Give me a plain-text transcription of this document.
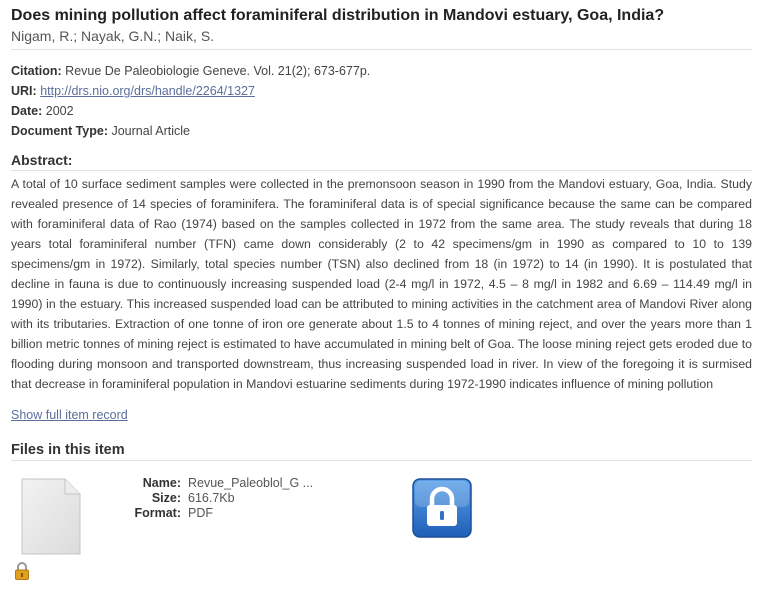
Does mining pollution affect foraminiferal distribution in Mandovi estuary, Goa, India?
Nigam, R.; Nayak, G.N.; Naik, S.
Citation: Revue De Paleobiologie Geneve. Vol. 21(2); 673-677p.
URI: http://drs.nio.org/drs/handle/2264/1327
Date: 2002
Document Type: Journal Article
Abstract:
A total of 10 surface sediment samples were collected in the premonsoon season in 1990 from the Mandovi estuary, Goa, India. Study revealed presence of 14 species of foraminifera. The foraminiferal data is of special significance because the same can be compared with foraminiferal data of Rao (1974) based on the samples collected in 1972 from the same area. The study reveals that during 18 years total foraminiferal number (TFN) came down considerably (2 to 42 specimens/gm in 1990 as compared to 10 to 139 specimens/gm in 1972). Similarly, total species number (TSN) also declined from 18 (in 1972) to 14 (in 1990). It is postulated that decline in fauna is due to continuously increasing suspended load (2-4 mg/l in 1972, 4.5 – 8 mg/l in 1982 and 6.69 – 114.49 mg/l in 1990) in the estuary. This increased suspended load can be attributed to mining activities in the catchment area of Mandovi River along with its tributaries. Extraction of one tonne of iron ore generate about 1.5 to 4 tonnes of mining reject, and over the years more than 1 billion metric tonnes of mining reject is estimated to have accumulated in mining belt of Goa. The loose mining reject gets eroded due to flooding during monsoon and transported downstream, thus increasing suspended load in river. In view of the foregoing it is surmised that decrease in foraminiferal population in Mandovi estuarine sediments during 1972-1990 indicates influence of mining pollution
Show full item record
Files in this item
Name: Revue_Paleoblol_G ...
Size: 616.7Kb
Format: PDF
